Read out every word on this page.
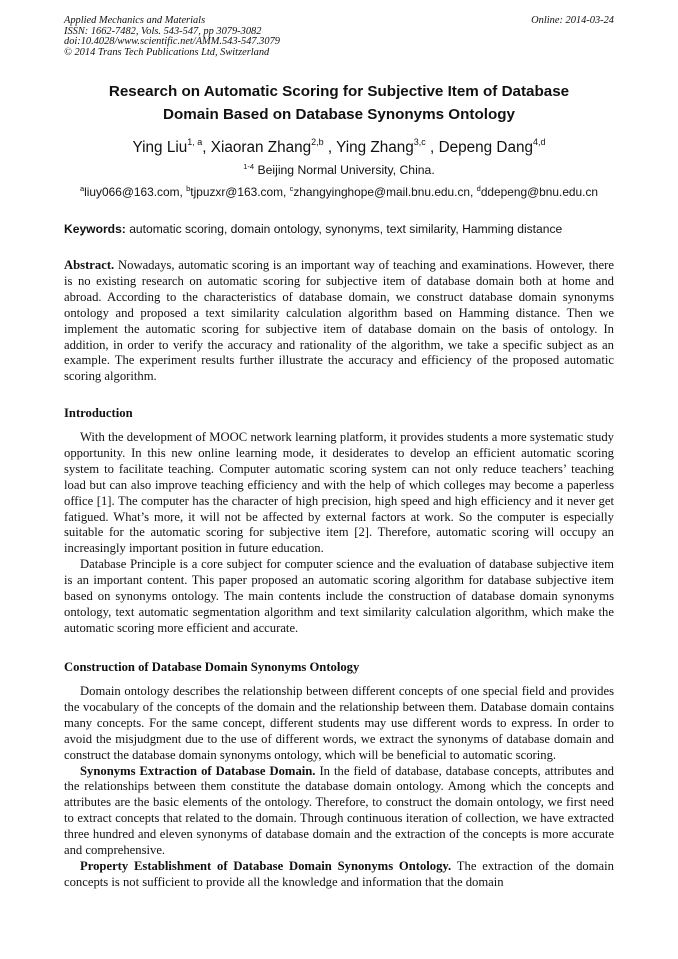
Applied Mechanics and Materials
ISSN: 1662-7482, Vols. 543-547, pp 3079-3082
doi:10.4028/www.scientific.net/AMM.543-547.3079
© 2014 Trans Tech Publications Ltd, Switzerland
Online: 2014-03-24
Research on Automatic Scoring for Subjective Item of Database
Domain Based on Database Synonyms Ontology
Ying Liu$^{1, a}$, Xiaoran Zhang$^{2,b}$ , Ying Zhang$^{3,c}$ , Depeng Dang$^{4,d}$
$^{1-4}$ Beijing Normal University, China.
$^a$liuy066@163.com, $^b$tjpuzxr@163.com, $^c$zhangyinghope@mail.bnu.edu.cn, $^d$ddepeng@bnu.edu.cn
Keywords: automatic scoring, domain ontology, synonyms, text similarity, Hamming distance

Abstract. Nowadays, automatic scoring is an important way of teaching and examinations. However, there is no existing research on automatic scoring for subjective item of database domain both at home and abroad. According to the characteristics of database domain, we construct database domain synonyms ontology and proposed a text similarity calculation algorithm based on Hamming distance. Then we implement the automatic scoring for subjective item of database domain on the basis of ontology. In addition, in order to verify the accuracy and rationality of the algorithm, we take a specific subject as an example. The experiment results further illustrate the accuracy and efficiency of the proposed automatic scoring algorithm.

Introduction

With the development of MOOC network learning platform, it provides students a more systematic study opportunity. In this new online learning mode, it desiderates to develop an efficient automatic scoring system to facilitate teaching. Computer automatic scoring system can not only reduce teachers’ teaching load but can also improve teaching efficiency and with the help of which colleges may become a paperless office [1]. The computer has the character of high precision, high speed and high efficiency and it never get fatigued. What’s more, it will not be affected by external factors at work. So the computer is especially suitable for the automatic scoring for subjective item [2]. Therefore, automatic scoring will occupy an increasingly important position in future education.

Database Principle is a core subject for computer science and the evaluation of database subjective item is an important content. This paper proposed an automatic scoring algorithm for database subjective item based on synonyms ontology. The main contents include the construction of database domain synonyms ontology, text automatic segmentation algorithm and text similarity calculation algorithm, which make the automatic scoring more efficient and accurate.

Construction of Database Domain Synonyms Ontology

Domain ontology describes the relationship between different concepts of one special field and provides the vocabulary of the concepts of the domain and the relationship between them. Database domain contains many concepts. For the same concept, different students may use different words to express. In order to avoid the misjudgment due to the use of different words, we extract the synonyms of database domain and construct the database domain synonyms ontology, which will be beneficial to automatic scoring.

Synonyms Extraction of Database Domain. In the field of database, database concepts, attributes and the relationships between them constitute the database domain ontology. Among which the concepts and attributes are the basic elements of the ontology. Therefore, to construct the domain ontology, we first need to extract concepts that related to the domain. Through continuous iteration of collection, we have extracted three hundred and eleven synonyms of database domain and the extraction of the concepts is more accurate and comprehensive.

Property Establishment of Database Domain Synonyms Ontology. The extraction of the domain concepts is not sufficient to provide all the knowledge and information that the domain
